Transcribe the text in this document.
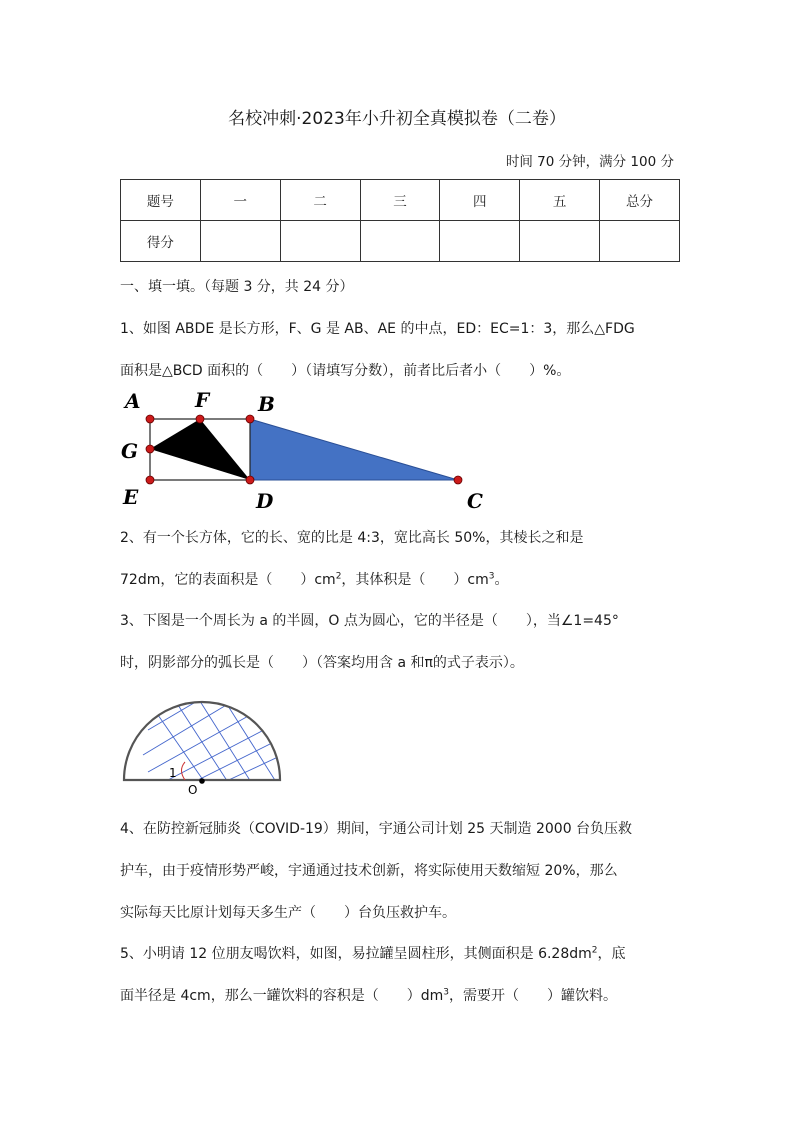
名校冲刺·2023年小升初全真模拟卷（二卷）
时间 70 分钟，满分 100 分
题号	一	二	三	四	五	总分
得分						
一、填一填。（每题 3 分，共 24 分）
1、如图 ABDE 是长方形，F、G 是 AB、AE 的中点，ED：EC=1：3，那么△FDG
面积是△BCD 面积的（　　）（请填写分数），前者比后者小（　　）%。
A	F B
G
E	D	C
2、有一个长方体，它的长、宽的比是 4:3，宽比高长 50%，其棱长之和是
72dm，它的表面积是（　　）$cm^2$，其体积是（　　）$cm^3$。
3、下图是一个周长为 a 的半圆，O 点为圆心，它的半径是（　　），当∠1=45°
时，阴影部分的弧长是（　　）（答案均用含 a 和π的式子表示）。
1
O
4、在防控新冠肺炎（COVID-19）期间，宇通公司计划 25 天制造 2000 台负压救
护车，由于疫情形势严峻，宇通通过技术创新，将实际使用天数缩短 20%，那么
实际每天比原计划每天多生产（　　）台负压救护车。
5、小明请 12 位朋友喝饮料，如图，易拉罐呈圆柱形，其侧面积是 $6.28dm^2$，底
面半径是 4cm，那么一罐饮料的容积是（　　）$dm^3$，需要开（　　）罐饮料。
